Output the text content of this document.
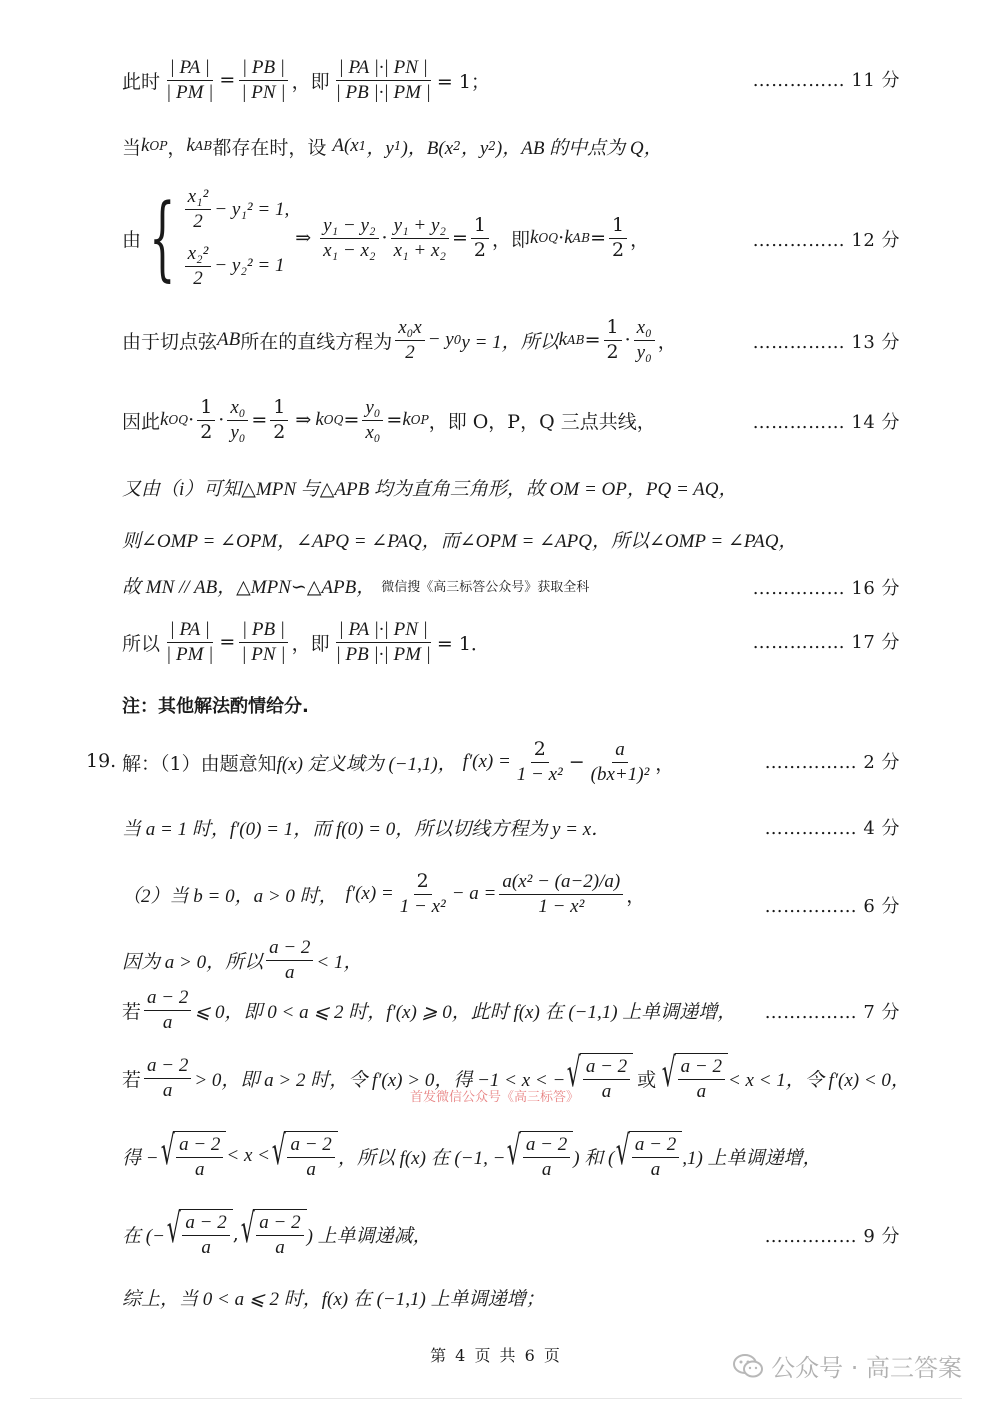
此时 $\frac{| PA |}{| PM |} = \frac{| PB |}{| PN |}$ ，即 $\frac{| PA |\cdot| PN |}{| PB |\cdot| PM |} = 1$；	…………… 11 分
当 k OP ， k AB 都存在时，设
A(x 1 ，y 1 )，B(x 2 ，y 2 )，AB 的中点为 Q，
由 { $\frac{\text{x₁²}}{2} - y_1^2 = 1$,
$\frac{\text{x₂²}}{2} - y_2^2 = 1$
⇒ $\frac{\text{y₁ − y₂}}{\text{x₁ − x₂}} \cdot \frac{\text{y₁ + y₂}}{\text{x₁ + x₂}} = \frac{1}{2}$ ，即 k OQ · k AB = $\frac{1}{2}$ ，	…………… 12 分
由于切点弦 AB 所在的直线方程为 $\frac{\text{x₀x}}{2} - y$ 0 y = 1，所以 k AB = $\frac{1}{2} \cdot \frac{\text{x₀}}{\text{y₀}}$ ，	…………… 13 分
因此 k OQ · $\frac{1}{2} \cdot \frac{\text{x₀}}{\text{y₀}} = \frac{1}{2}$ ⇒ k OQ = $\frac{\text{y₀}}{\text{x₀}} = k$ OP ，即 O，P，Q 三点共线，	…………… 14 分
又由（i）可知△MPN 与△APB 均为直角三角形，故 OM = OP，PQ = AQ，
则∠OMP = ∠OPM，∠APQ = ∠PAQ，而∠OPM = ∠APQ，所以∠OMP = ∠PAQ，
故 MN // AB，△MPN∽△APB， 微信搜《高三标答公众号》获取全科	…………… 16 分
所以 $\frac{| PA |}{| PM |} = \frac{| PB |}{| PN |}$ ，即 $\frac{| PA |\cdot| PN |}{| PB |\cdot| PM |} = 1$．	…………… 17 分
注：其他解法酌情给分.
19. 解：（1）由题意知 f(x) 定义域为 (−1,1)， $f'(x) = \frac{2}{\text{1 − x²}} - \frac{a}{\text{(bx+1)²}}$ ，	…………… 2 分
当 a = 1 时，f′(0) = 1，而 f(0) = 0，所以切线方程为 y = x．	…………… 4 分
（2）当 b = 0，a > 0 时， $f'(x) = \frac{2}{\text{1 − x²}} - a = \frac{\text{a(x² − (a−2)/a)}}{\text{1 − x²}}$ ，	…………… 6 分
因为 a > 0，所以 $\frac{a - 2}{a} < 1$，
若 $\frac{a - 2}{a}$ ⩽ 0，即 0 < a ⩽ 2 时，f′(x) ⩾ 0，此时 f(x) 在 (−1,1) 上单调递增， …………… 7 分
若 $\frac{a - 2}{a} > 0$，即 a > 2 时，令 f′(x) > 0，得 −1 < x < − √ $\frac{a - 2}{a}$ 或 √ $\frac{a - 2}{a} < x < 1$，令 f′(x) < 0，
首发微信公众号《高三标答》
得 − √ $\frac{a - 2}{a} < x$ < √ $\frac{a - 2}{a}$ ，所以 f(x) 在 (−1, − √ $\frac{a - 2}{a}$ ) 和 ( √ $\frac{a - 2}{a} ,1$) 上单调递增，
在 (− √ $\frac{a - 2}{a}$ , √ $\frac{a - 2}{a}$ ) 上单调递减，	…………… 9 分
综上，当 0 < a ⩽ 2 时，f(x) 在 (−1,1) 上单调递增；
第 4 页 共 6 页	公众号 · 高三答案
